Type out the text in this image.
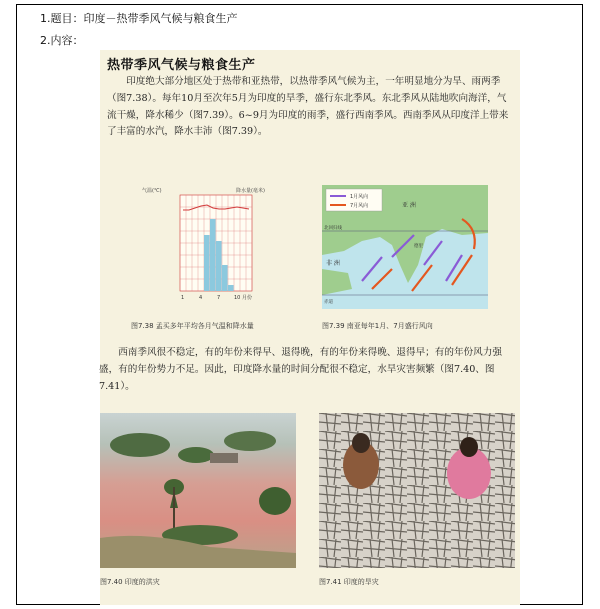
1.题目：印度－热带季风气候与粮食生产
2.内容：
热带季风气候与粮食生产
印度绝大部分地区处于热带和亚热带，以热带季风气候为主，一年明显地分为旱、雨两季（图7.38）。每年10月至次年5月为印度的旱季，盛行东北季风。东北季风从陆地吹向海洋，气流干燥，降水稀少（图7.39）。6~9月为印度的雨季，盛行西南季风。西南季风从印度洋上带来了丰富的水汽，降水丰沛（图7.39）。
气温(℃)	降水量(毫米)
1	4	7	10 月份
图7.38 孟买多年平均各月气温和降水量
1月风向
7月风向	亚 洲
北回归线
赤道
非 洲
德里
图7.39 南亚每年1月、7月盛行风向
西南季风很不稳定，有的年份来得早、退得晚，有的年份来得晚、退得早；有的年份风力强盛，有的年份势力不足。因此，印度降水量的时间分配很不稳定，水旱灾害频繁（图7.40、图7.41）。
图7.40 印度的洪灾	图7.41 印度的旱灾
